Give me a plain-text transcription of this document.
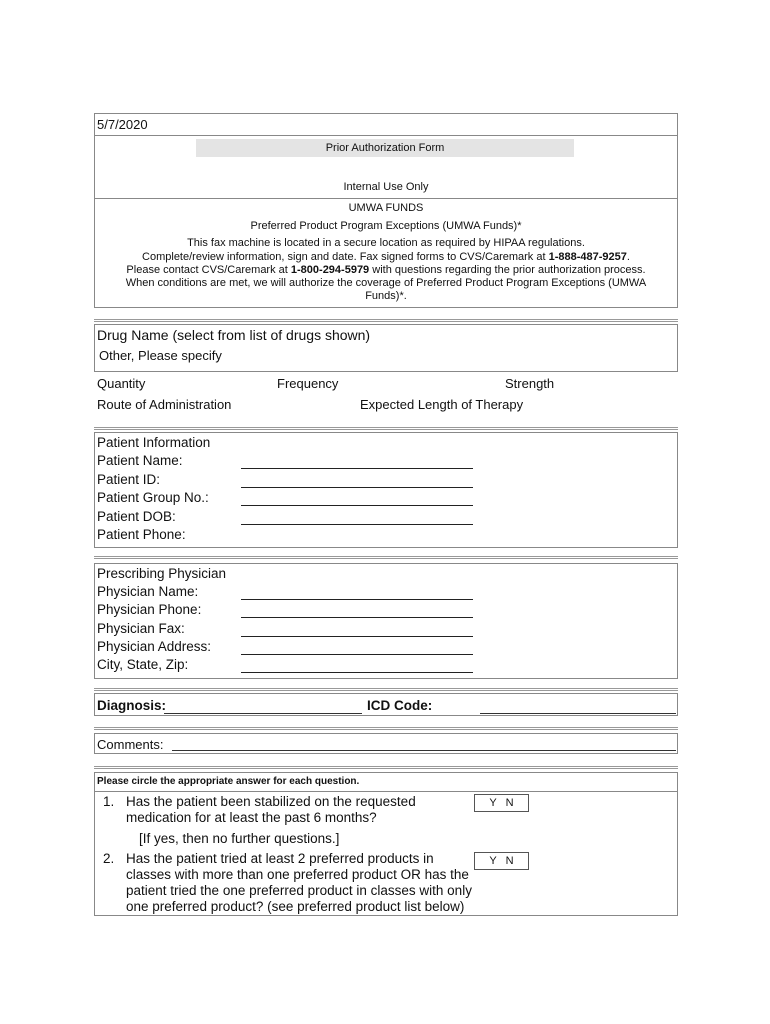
5/7/2020
Prior Authorization Form
Internal Use Only
UMWA FUNDS
Preferred Product Program Exceptions (UMWA Funds)*
This fax machine is located in a secure location as required by HIPAA regulations.
Complete/review information, sign and date. Fax signed forms to CVS/Caremark at 1-888-487-9257.
Please contact CVS/Caremark at 1-800-294-5979 with questions regarding the prior authorization process.
When conditions are met, we will authorize the coverage of Preferred Product Program Exceptions (UMWA
Funds)*.
Drug Name (select from list of drugs shown)
Other, Please specify
Quantity	Frequency	Strength
Route of Administration	Expected Length of Therapy
Patient Information
Patient Name:
Patient ID:
Patient Group No.:
Patient DOB:
Patient Phone:
Prescribing Physician
Physician Name:
Physician Phone:
Physician Fax:
Physician Address:
City, State, Zip:
Diagnosis:	ICD Code:
Comments:
Please circle the appropriate answer for each question.
1. Has the patient been stabilized on the requested
medication for at least the past 6 months?
Y N
[If yes, then no further questions.]
2. Has the patient tried at least 2 preferred products in
classes with more than one preferred product OR has the
patient tried the one preferred product in classes with only
one preferred product? (see preferred product list below)
Y N
